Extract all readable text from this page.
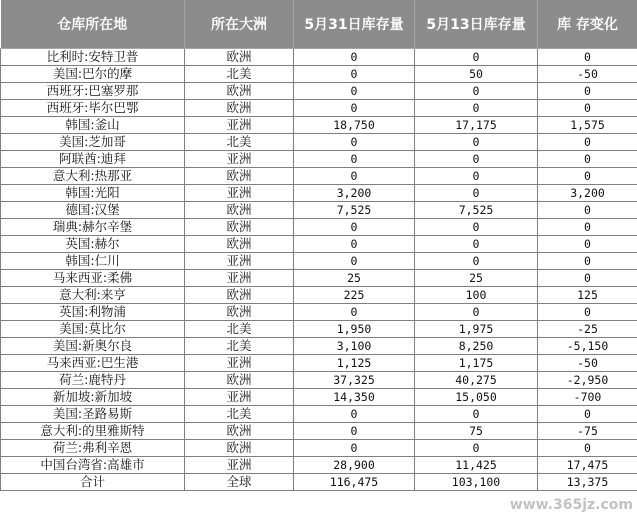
仓库所在地	所在大洲	5月31日库存量	5月13日库存量	库 存变化
比利时:安特卫普	欧洲	0	0	0
美国:巴尔的摩	北美	0	50	-50
西班牙:巴塞罗那	欧洲	0	0	0
西班牙:毕尔巴鄂	欧洲	0	0	0
韩国:釜山	亚洲	18,750	17,175	1,575
美国:芝加哥	北美	0	0	0
阿联酋:迪拜	亚洲	0	0	0
意大利:热那亚	欧洲	0	0	0
韩国:光阳	亚洲	3,200	0	3,200
德国:汉堡	欧洲	7,525	7,525	0
瑞典:赫尔辛堡	欧洲	0	0	0
英国:赫尔	欧洲	0	0	0
韩国:仁川	亚洲	0	0	0
马来西亚:柔佛	亚洲	25	25	0
意大利:来亨	欧洲	225	100	125
英国:利物浦	欧洲	0	0	0
美国:莫比尔	北美	1,950	1,975	-25
美国:新奥尔良	北美	3,100	8,250	-5,150
马来西亚:巴生港	亚洲	1,125	1,175	-50
荷兰:鹿特丹	欧洲	37,325	40,275	-2,950
新加坡:新加坡	亚洲	14,350	15,050	-700
美国:圣路易斯	北美	0	0	0
意大利:的里雅斯特	欧洲	0	75	-75
荷兰:弗利辛恩	欧洲	0	0	0
中国台湾省:高雄市	亚洲	28,900	11,425	17,475
合计	全球	116,475	103,100	13,375
www.365jz.com
